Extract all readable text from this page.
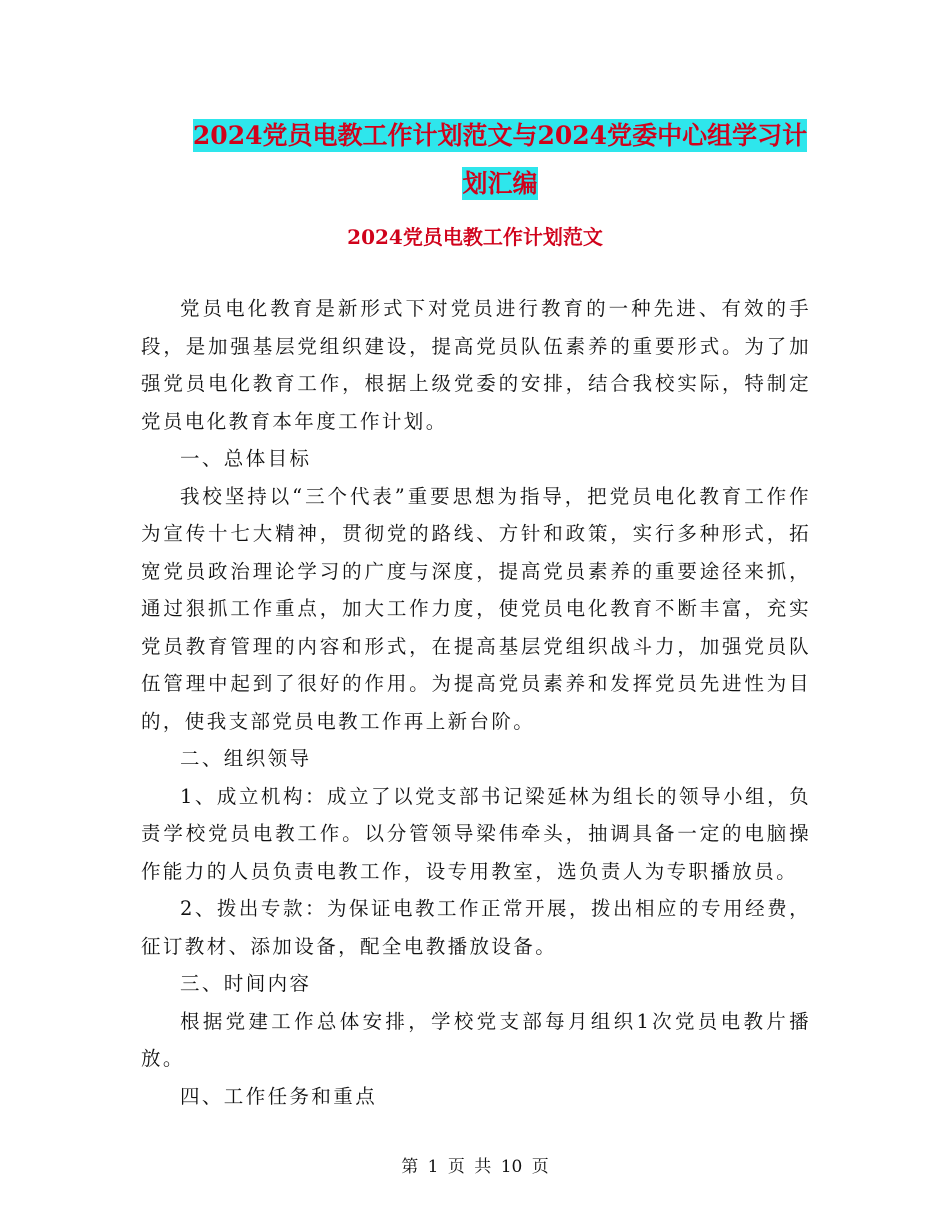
2024党员电教工作计划范文与2024党委中心组学习计
划汇编
2024党员电教工作计划范文

党员电化教育是新形式下对党员进行教育的一种先进、有效的手段，是加强基层党组织建设，提高党员队伍素养的重要形式。为了加强党员电化教育工作，根据上级党委的安排，结合我校实际，特制定党员电化教育本年度工作计划。

一、总体目标

我校坚持以“三个代表”重要思想为指导，把党员电化教育工作作为宣传十七大精神，贯彻党的路线、方针和政策，实行多种形式，拓宽党员政治理论学习的广度与深度，提高党员素养的重要途径来抓，通过狠抓工作重点，加大工作力度，使党员电化教育不断丰富，充实党员教育管理的内容和形式，在提高基层党组织战斗力，加强党员队伍管理中起到了很好的作用。为提高党员素养和发挥党员先进性为目的，使我支部党员电教工作再上新台阶。

二、组织领导

1、成立机构：成立了以党支部书记梁延林为组长的领导小组，负责学校党员电教工作。以分管领导梁伟牵头，抽调具备一定的电脑操作能力的人员负责电教工作，设专用教室，选负责人为专职播放员。

2、拨出专款：为保证电教工作正常开展，拨出相应的专用经费，征订教材、添加设备，配全电教播放设备。

三、时间内容

根据党建工作总体安排，学校党支部每月组织1次党员电教片播放。

四、工作任务和重点

第 1 页 共 10 页
